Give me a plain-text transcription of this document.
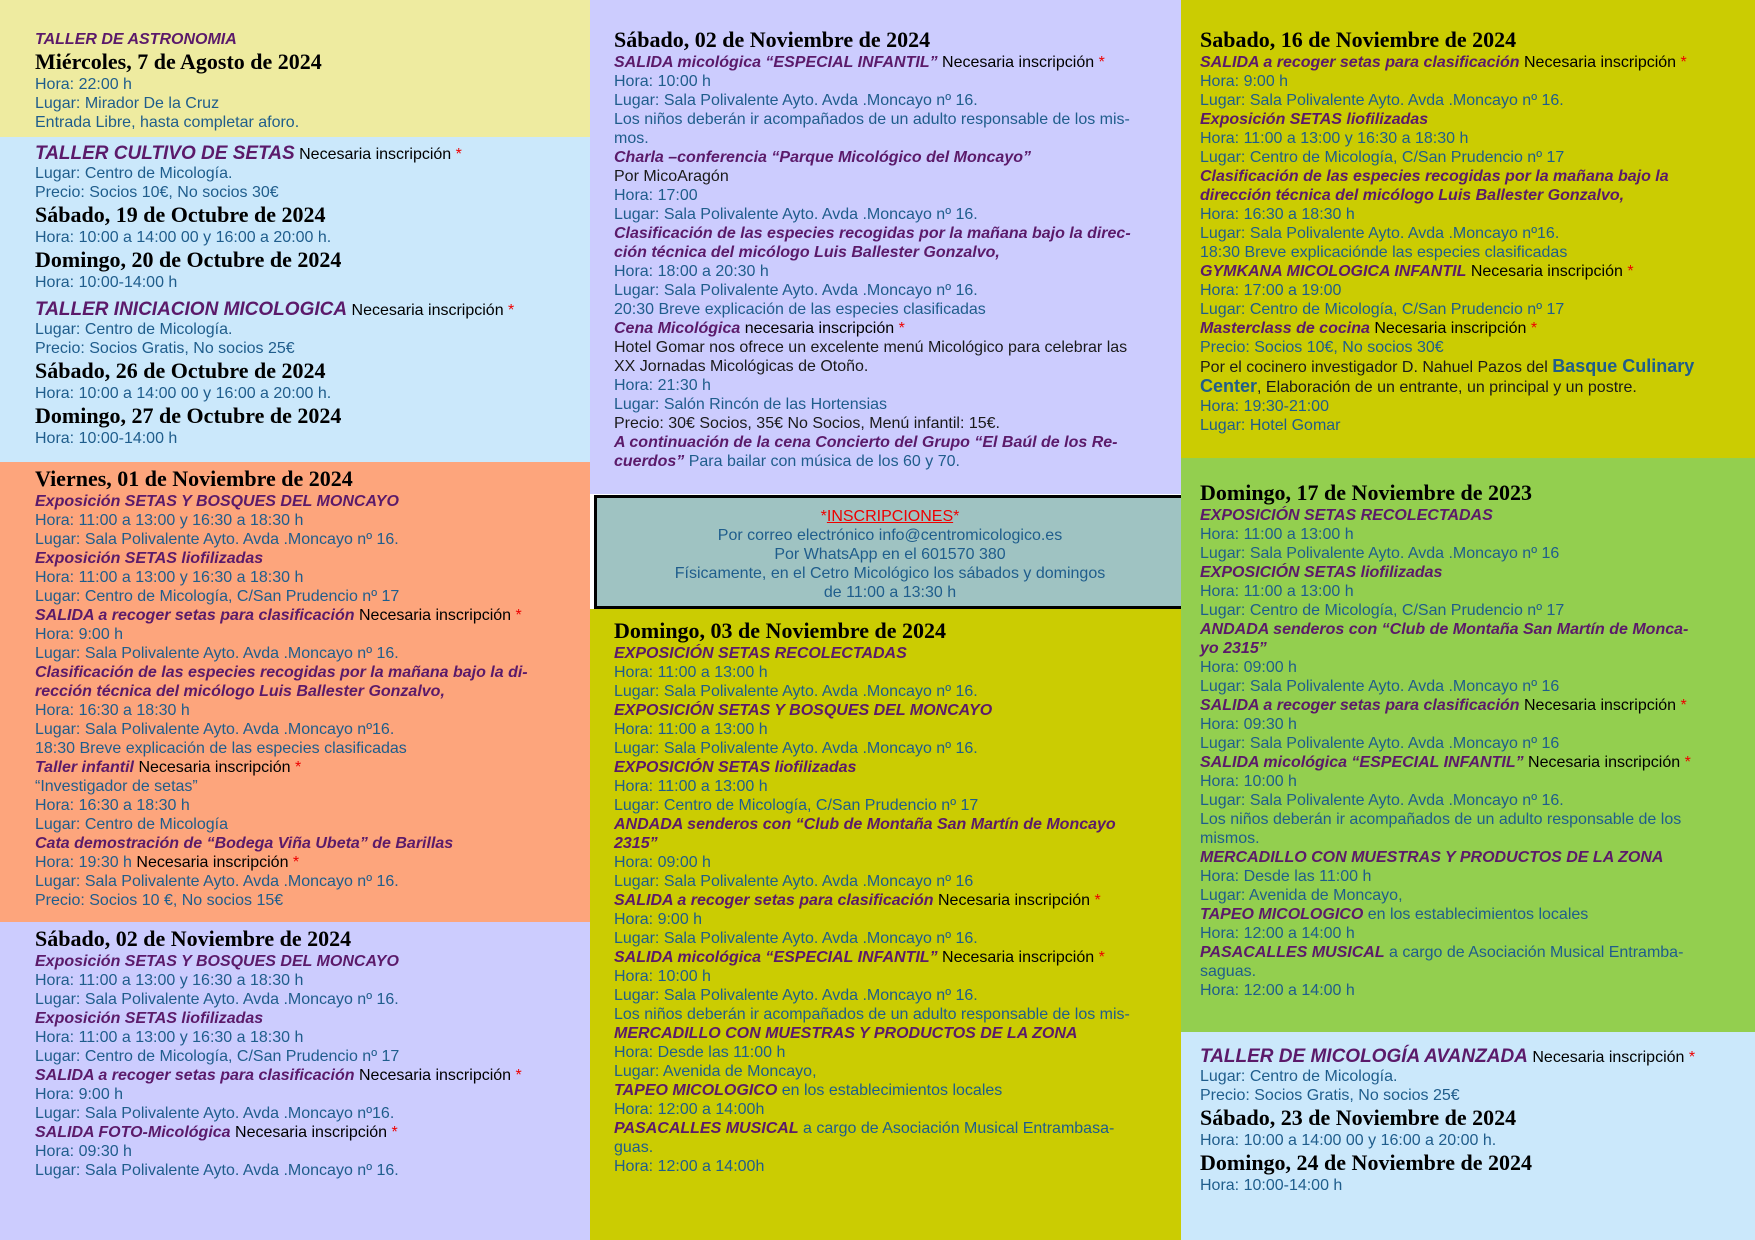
TALLER DE ASTRONOMIA
Miércoles, 7 de Agosto de 2024
Hora: 22:00 h
Lugar: Mirador De la Cruz
Entrada Libre, hasta completar aforo.
TALLER CULTIVO DE SETAS Necesaria inscripción *
Lugar: Centro de Micología.
Precio: Socios 10€, No socios 30€
Sábado, 19 de Octubre de 2024
Hora: 10:00 a 14:00 00 y 16:00 a 20:00 h.
Domingo, 20 de Octubre de 2024
Hora: 10:00-14:00 h
TALLER INICIACION MICOLOGICA Necesaria inscripción *
Lugar: Centro de Micología.
Precio: Socios Gratis, No socios 25€
Sábado, 26 de Octubre de 2024
Hora: 10:00 a 14:00 00 y 16:00 a 20:00 h.
Domingo, 27 de Octubre de 2024
Hora: 10:00-14:00 h
Viernes, 01 de Noviembre de 2024
Exposición SETAS Y BOSQUES DEL MONCAYO
Hora: 11:00 a 13:00 y 16:30 a 18:30 h
Lugar: Sala Polivalente Ayto. Avda .Moncayo nº 16.
Exposición SETAS liofilizadas
Hora: 11:00 a 13:00 y 16:30 a 18:30 h
Lugar: Centro de Micología, C/San Prudencio nº 17
SALIDA a recoger setas para clasificación Necesaria inscripción *
Hora: 9:00 h
Lugar: Sala Polivalente Ayto. Avda .Moncayo nº 16.
Clasificación de las especies recogidas por la mañana bajo la di-
rección técnica del micólogo Luis Ballester Gonzalvo,
Hora: 16:30 a 18:30 h
Lugar: Sala Polivalente Ayto. Avda .Moncayo nº16.
18:30 Breve explicación de las especies clasificadas
Taller infantil Necesaria inscripción *
“Investigador de setas”
Hora: 16:30 a 18:30 h
Lugar: Centro de Micología
Cata demostración de “Bodega Viña Ubeta” de Barillas
Hora: 19:30 h Necesaria inscripción *
Lugar: Sala Polivalente Ayto. Avda .Moncayo nº 16.
Precio: Socios 10 €, No socios 15€
Sábado, 02 de Noviembre de 2024
Exposición SETAS Y BOSQUES DEL MONCAYO
Hora: 11:00 a 13:00 y 16:30 a 18:30 h
Lugar: Sala Polivalente Ayto. Avda .Moncayo nº 16.
Exposición SETAS liofilizadas
Hora: 11:00 a 13:00 y 16:30 a 18:30 h
Lugar: Centro de Micología, C/San Prudencio nº 17
SALIDA a recoger setas para clasificación Necesaria inscripción *
Hora: 9:00 h
Lugar: Sala Polivalente Ayto. Avda .Moncayo nº16.
SALIDA FOTO-Micológica Necesaria inscripción *
Hora: 09:30 h
Lugar: Sala Polivalente Ayto. Avda .Moncayo nº 16.
Sábado, 02 de Noviembre de 2024
SALIDA micológica “ESPECIAL INFANTIL” Necesaria inscripción *
Hora: 10:00 h
Lugar: Sala Polivalente Ayto. Avda .Moncayo nº 16.
Los niños deberán ir acompañados de un adulto responsable de los mis-
mos.
Charla –conferencia “Parque Micológico del Moncayo”
Por MicoAragón
Hora: 17:00
Lugar: Sala Polivalente Ayto. Avda .Moncayo nº 16.
Clasificación de las especies recogidas por la mañana bajo la direc-
ción técnica del micólogo Luis Ballester Gonzalvo,
Hora: 18:00 a 20:30 h
Lugar: Sala Polivalente Ayto. Avda .Moncayo nº 16.
20:30 Breve explicación de las especies clasificadas
Cena Micológica necesaria inscripción *
Hotel Gomar nos ofrece un excelente menú Micológico para celebrar las
XX Jornadas Micológicas de Otoño.
Hora: 21:30 h
Lugar: Salón Rincón de las Hortensias
Precio: 30€ Socios, 35€ No Socios, Menú infantil: 15€.
A continuación de la cena Concierto del Grupo “El Baúl de los Re-
cuerdos” Para bailar con música de los 60 y 70.
*INSCRIPCIONES*
Por correo electrónico info@centromicologico.es
Por WhatsApp en el 601570 380
Físicamente, en el Cetro Micológico los sábados y domingos
de 11:00 a 13:30 h
Domingo, 03 de Noviembre de 2024
EXPOSICIÓN SETAS RECOLECTADAS
Hora: 11:00 a 13:00 h
Lugar: Sala Polivalente Ayto. Avda .Moncayo nº 16.
EXPOSICIÓN SETAS Y BOSQUES DEL MONCAYO
Hora: 11:00 a 13:00 h
Lugar: Sala Polivalente Ayto. Avda .Moncayo nº 16.
EXPOSICIÓN SETAS liofilizadas
Hora: 11:00 a 13:00 h
Lugar: Centro de Micología, C/San Prudencio nº 17
ANDADA senderos con “Club de Montaña San Martín de Moncayo
2315”
Hora: 09:00 h
Lugar: Sala Polivalente Ayto. Avda .Moncayo nº 16
SALIDA a recoger setas para clasificación Necesaria inscripción *
Hora: 9:00 h
Lugar: Sala Polivalente Ayto. Avda .Moncayo nº 16.
SALIDA micológica “ESPECIAL INFANTIL” Necesaria inscripción *
Hora: 10:00 h
Lugar: Sala Polivalente Ayto. Avda .Moncayo nº 16.
Los niños deberán ir acompañados de un adulto responsable de los mis-
MERCADILLO CON MUESTRAS Y PRODUCTOS DE LA ZONA
Hora: Desde las 11:00 h
Lugar: Avenida de Moncayo,
TAPEO MICOLOGICO en los establecimientos locales
Hora: 12:00 a 14:00h
PASACALLES MUSICAL a cargo de Asociación Musical Entrambasa-
guas.
Hora: 12:00 a 14:00h
Sabado, 16 de Noviembre de 2024
SALIDA a recoger setas para clasificación Necesaria inscripción *
Hora: 9:00 h
Lugar: Sala Polivalente Ayto. Avda .Moncayo nº 16.
Exposición SETAS liofilizadas
Hora: 11:00 a 13:00 y 16:30 a 18:30 h
Lugar: Centro de Micología, C/San Prudencio nº 17
Clasificación de las especies recogidas por la mañana bajo la
dirección técnica del micólogo Luis Ballester Gonzalvo,
Hora: 16:30 a 18:30 h
Lugar: Sala Polivalente Ayto. Avda .Moncayo nº16.
18:30 Breve explicaciónde las especies clasificadas
GYMKANA MICOLOGICA INFANTIL Necesaria inscripción *
Hora: 17:00 a 19:00
Lugar: Centro de Micología, C/San Prudencio nº 17
Masterclass de cocina Necesaria inscripción *
Precio: Socios 10€, No socios 30€
Por el cocinero investigador D. Nahuel Pazos del Basque Culinary
Center, Elaboración de un entrante, un principal y un postre.
Hora: 19:30-21:00
Lugar: Hotel Gomar
Domingo, 17 de Noviembre de 2023
EXPOSICIÓN SETAS RECOLECTADAS
Hora: 11:00 a 13:00 h
Lugar: Sala Polivalente Ayto. Avda .Moncayo nº 16
EXPOSICIÓN SETAS liofilizadas
Hora: 11:00 a 13:00 h
Lugar: Centro de Micología, C/San Prudencio nº 17
ANDADA senderos con “Club de Montaña San Martín de Monca-
yo 2315”
Hora: 09:00 h
Lugar: Sala Polivalente Ayto. Avda .Moncayo nº 16
SALIDA a recoger setas para clasificación Necesaria inscripción *
Hora: 09:30 h
Lugar: Sala Polivalente Ayto. Avda .Moncayo nº 16
SALIDA micológica “ESPECIAL INFANTIL” Necesaria inscripción *
Hora: 10:00 h
Lugar: Sala Polivalente Ayto. Avda .Moncayo nº 16.
Los niños deberán ir acompañados de un adulto responsable de los
mismos.
MERCADILLO CON MUESTRAS Y PRODUCTOS DE LA ZONA
Hora: Desde las 11:00 h
Lugar: Avenida de Moncayo,
TAPEO MICOLOGICO en los establecimientos locales
Hora: 12:00 a 14:00 h
PASACALLES MUSICAL a cargo de Asociación Musical Entramba-
saguas.
Hora: 12:00 a 14:00 h
TALLER DE MICOLOGÍA AVANZADA Necesaria inscripción *
Lugar: Centro de Micología.
Precio: Socios Gratis, No socios 25€
Sábado, 23 de Noviembre de 2024
Hora: 10:00 a 14:00 00 y 16:00 a 20:00 h.
Domingo, 24 de Noviembre de 2024
Hora: 10:00-14:00 h
